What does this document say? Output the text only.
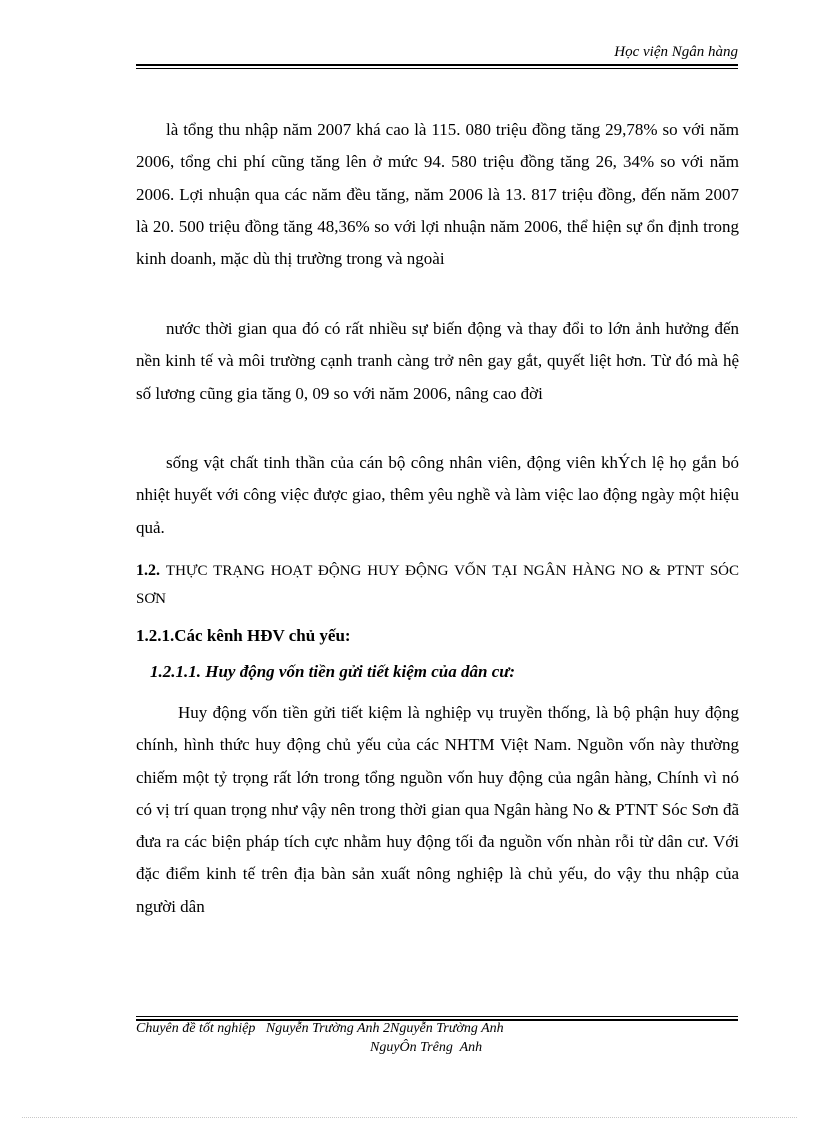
Học viện Ngân hàng

là tổng thu nhập năm 2007 khá cao là 115. 080 triệu đồng tăng 29,78% so với năm 2006, tổng chi phí cũng tăng lên ở mức 94. 580 triệu đồng tăng 26, 34% so với năm 2006. Lợi nhuận qua các năm đều tăng, năm 2006 là 13. 817 triệu đồng, đến năm 2007 là 20. 500 triệu đồng tăng 48,36% so với lợi nhuận năm 2006, thể hiện sự ổn định trong kinh doanh, mặc dù thị trường trong và ngoài

nước thời gian qua đó có rất nhiều sự biến động và thay đổi to lớn ảnh hưởng đến nền kinh tế và môi trường cạnh tranh càng trở nên gay gắt, quyết liệt hơn. Từ đó mà hệ số lương cũng gia tăng 0, 09 so với năm 2006, nâng cao đời

sống vật chất tinh thần của cán bộ công nhân viên, động viên khÝch lệ họ gắn bó nhiệt huyết với công việc được giao, thêm yêu nghề và làm việc lao động ngày một hiệu quả.

1.2. THỰC TRẠNG HOẠT ĐỘNG HUY ĐỘNG VỐN TẠI NGÂN HÀNG NO & PTNT SÓC SƠN

1.2.1.Các kênh HĐV chủ yếu:
1.2.1.1. Huy động vốn tiền gửi tiết kiệm của dân cư:

Huy động vốn tiền gửi tiết kiệm là nghiệp vụ truyền thống, là bộ phận huy động chính, hình thức huy động chủ yếu của các NHTM Việt Nam. Nguồn vốn này thường chiếm một tỷ trọng rất lớn trong tổng nguồn vốn huy động của ngân hàng, Chính vì nó có vị trí quan trọng như vậy nên trong thời gian qua Ngân hàng No & PTNT Sóc Sơn đã đưa ra các biện pháp tích cực nhằm huy động tối đa nguồn vốn nhàn rỗi từ dân cư. Với đặc điểm kinh tế trên địa bàn sản xuất nông nghiệp là chủ yếu, do vậy thu nhập của người dân

Chuyên đề tốt nghiệp   Nguyễn Trường Anh 2Nguyễn Trường Anh
NguyÔn Trêng  Anh
